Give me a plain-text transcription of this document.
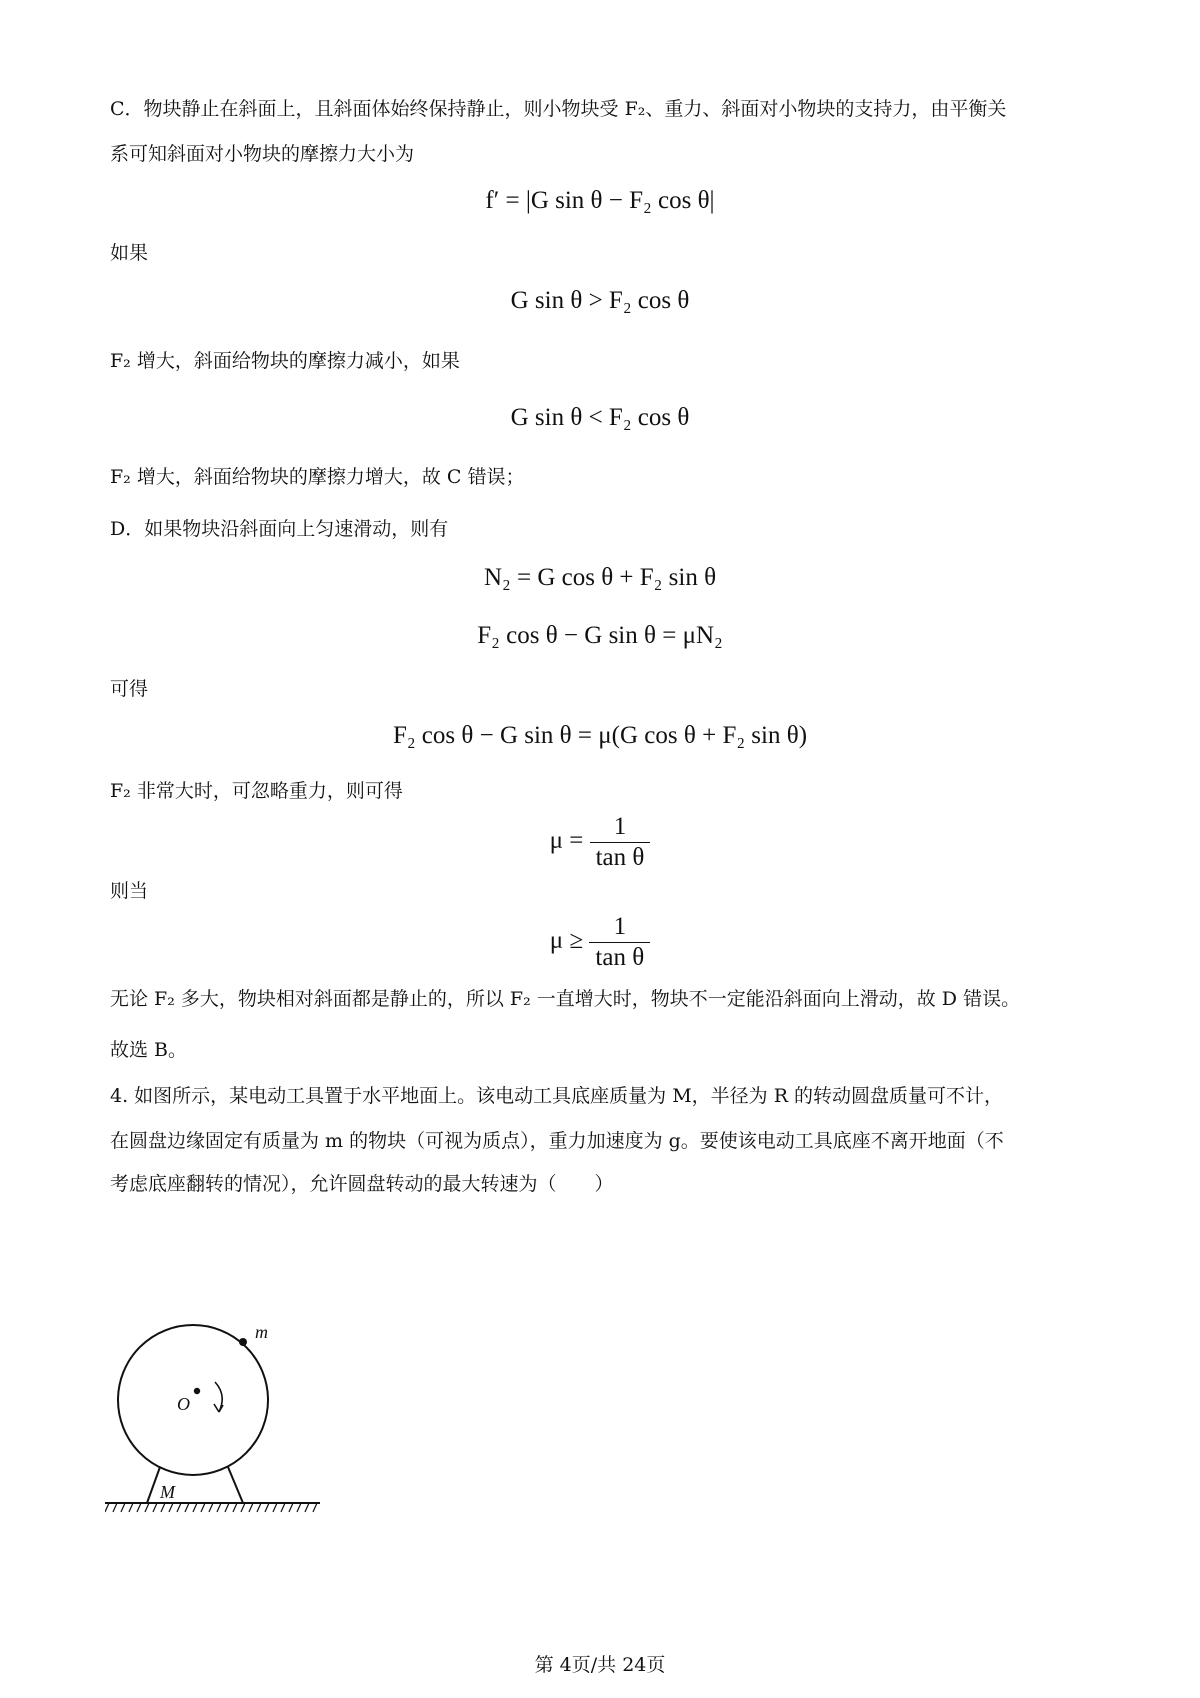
C．物块静止在斜面上，且斜面体始终保持静止，则小物块受 F₂、重力、斜面对小物块的支持力，由平衡关
系可知斜面对小物块的摩擦力大小为
f′ = |G sin θ − F₂ cos θ|
如果
G sin θ > F₂ cos θ
F₂ 增大，斜面给物块的摩擦力减小，如果
G sin θ < F₂ cos θ
F₂ 增大，斜面给物块的摩擦力增大，故 C 错误；
D．如果物块沿斜面向上匀速滑动，则有
N₂ = G cos θ + F₂ sin θ
F₂ cos θ − G sin θ = μN₂
可得
F₂ cos θ − G sin θ = μ(G cos θ + F₂ sin θ)
F₂ 非常大时，可忽略重力，则可得
$\mu = \frac{1}{\text{tan θ}}$
则当
$\mu \ge \frac{1}{\text{tan θ}}$
无论 F₂ 多大，物块相对斜面都是静止的，所以 F₂ 一直增大时，物块不一定能沿斜面向上滑动，故 D 错误。
故选 B。
4. 如图所示，某电动工具置于水平地面上。该电动工具底座质量为 M，半径为 R 的转动圆盘质量可不计，
在圆盘边缘固定有质量为 m 的物块（可视为质点），重力加速度为 g。要使该电动工具底座不离开地面（不
考虑底座翻转的情况），允许圆盘转动的最大转速为（　　）
m
O
M
第 4页/共 24页
